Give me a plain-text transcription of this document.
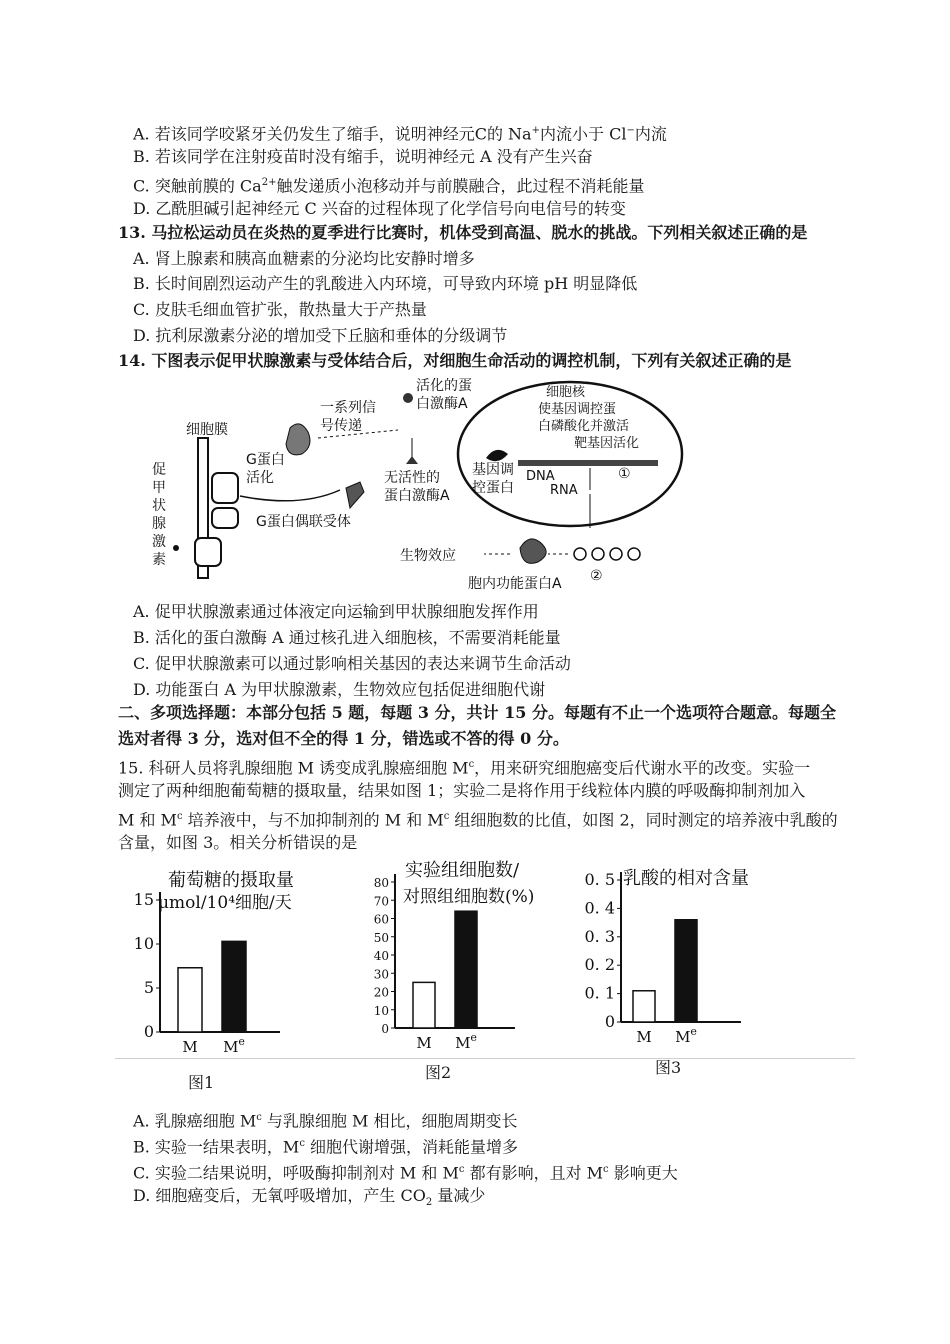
A. 若该同学咬紧牙关仍发生了缩手，说明神经元C的 Na+内流小于 Cl−内流
B. 若该同学在注射疫苗时没有缩手，说明神经元 A 没有产生兴奋
C. 突触前膜的 $Ca^{2+}$触发递质小泡移动并与前膜融合，此过程不消耗能量
D. 乙酰胆碱引起神经元 C 兴奋的过程体现了化学信号向电信号的转变
13. 马拉松运动员在炎热的夏季进行比赛时，机体受到高温、脱水的挑战。下列相关叙述正确的是
A. 肾上腺素和胰高血糖素的分泌均比安静时增多
B. 长时间剧烈运动产生的乳酸进入内环境，可导致内环境 pH 明显降低
C. 皮肤毛细血管扩张，散热量大于产热量
D. 抗利尿激素分泌的增加受下丘脑和垂体的分级调节
14. 下图表示促甲状腺激素与受体结合后，对细胞生命活动的调控机制，下列有关叙述正确的是
细胞膜
促
甲
状
腺
激
素
G蛋白
活化
G蛋白偶联受体
一系列信
号传递
活化的蛋
白激酶A
无活性的
蛋白激酶A
细胞核
使基因调控蛋
白磷酸化并激活
靶基因活化
基因调
控蛋白
DNA
RNA
①
②
生物效应
胞内功能蛋白A
A. 促甲状腺激素通过体液定向运输到甲状腺细胞发挥作用
B. 活化的蛋白激酶 A 通过核孔进入细胞核，不需要消耗能量
C. 促甲状腺激素可以通过影响相关基因的表达来调节生命活动
D. 功能蛋白 A 为甲状腺激素，生物效应包括促进细胞代谢
二、多项选择题：本部分包括 5 题，每题 3 分，共计 15 分。每题有不止一个选项符合题意。每题全
选对者得 3 分，选对但不全的得 1 分，错选或不答的得 0 分。
15. 科研人员将乳腺细胞 M 诱变成乳腺癌细胞 $M^c$，用来研究细胞癌变后代谢水平的改变。实验一
测定了两种细胞葡萄糖的摄取量，结果如图 1；实验二是将作用于线粒体内膜的呼吸酶抑制剂加入
M 和 $M^c$ 培养液中，与不加抑制剂的 M 和 $M^c$ 组细胞数的比值，如图 2，同时测定的培养液中乳酸的
含量，如图 3。相关分析错误的是
0
5
10
15
葡萄糖的摄取量
μmol/10⁴细胞/天
M Me
0
10
20
30
40
50
60
70
80
实验组细胞数/
对照组细胞数(%)
M Me
0
0. 1
0. 2
0. 3
0. 4
0. 5 乳酸的相对含量
M Me
图1
图2	图3
A. 乳腺癌细胞 $M^c$ 与乳腺细胞 M 相比，细胞周期变长
B. 实验一结果表明，$M^c$ 细胞代谢增强，消耗能量增多
C. 实验二结果说明，呼吸酶抑制剂对 M 和 $M^c$ 都有影响，且对 $M^c$ 影响更大
D. 细胞癌变后，无氧呼吸增加，产生 $CO_2$ 量减少
